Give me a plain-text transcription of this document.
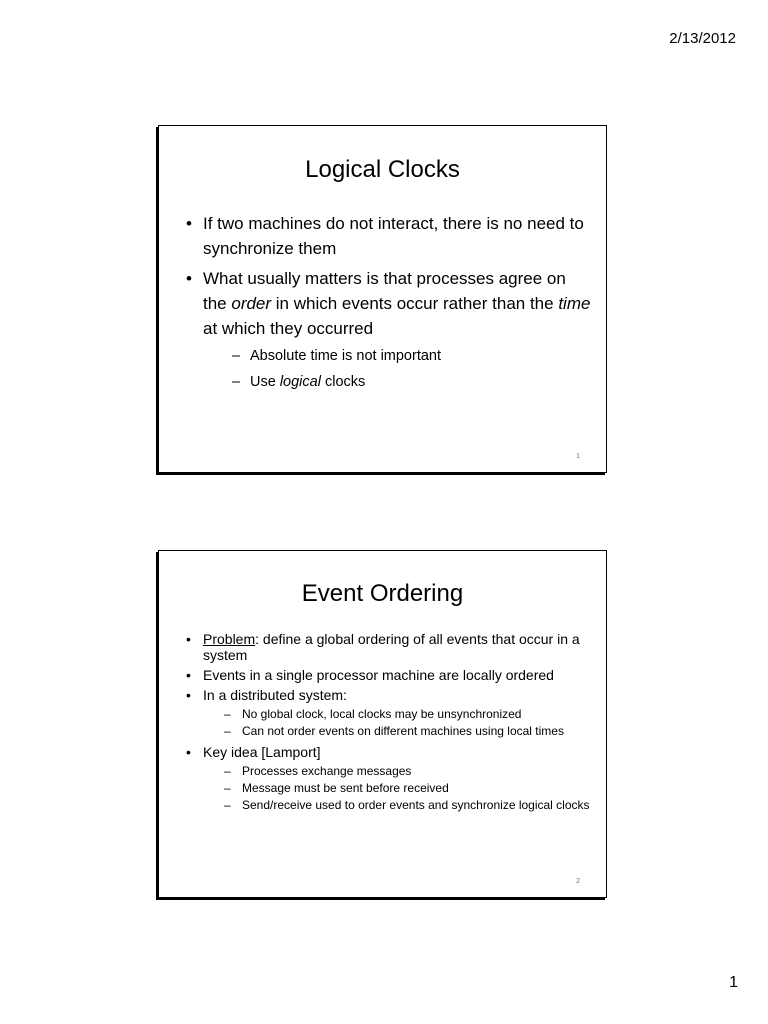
2/13/2012
Logical Clocks
• If two machines do not interact, there is no need to synchronize them
• What usually matters is that processes agree on the order in which events occur rather than the time at which they occurred
– Absolute time is not important
– Use logical clocks
1
Event Ordering
• Problem: define a global ordering of all events that occur in a system
• Events in a single processor machine are locally ordered
• In a distributed system:
– No global clock, local clocks may be unsynchronized
– Can not order events on different machines using local times
• Key idea [Lamport]
– Processes exchange messages
– Message must be sent before received
– Send/receive used to order events and synchronize logical clocks
2
1
